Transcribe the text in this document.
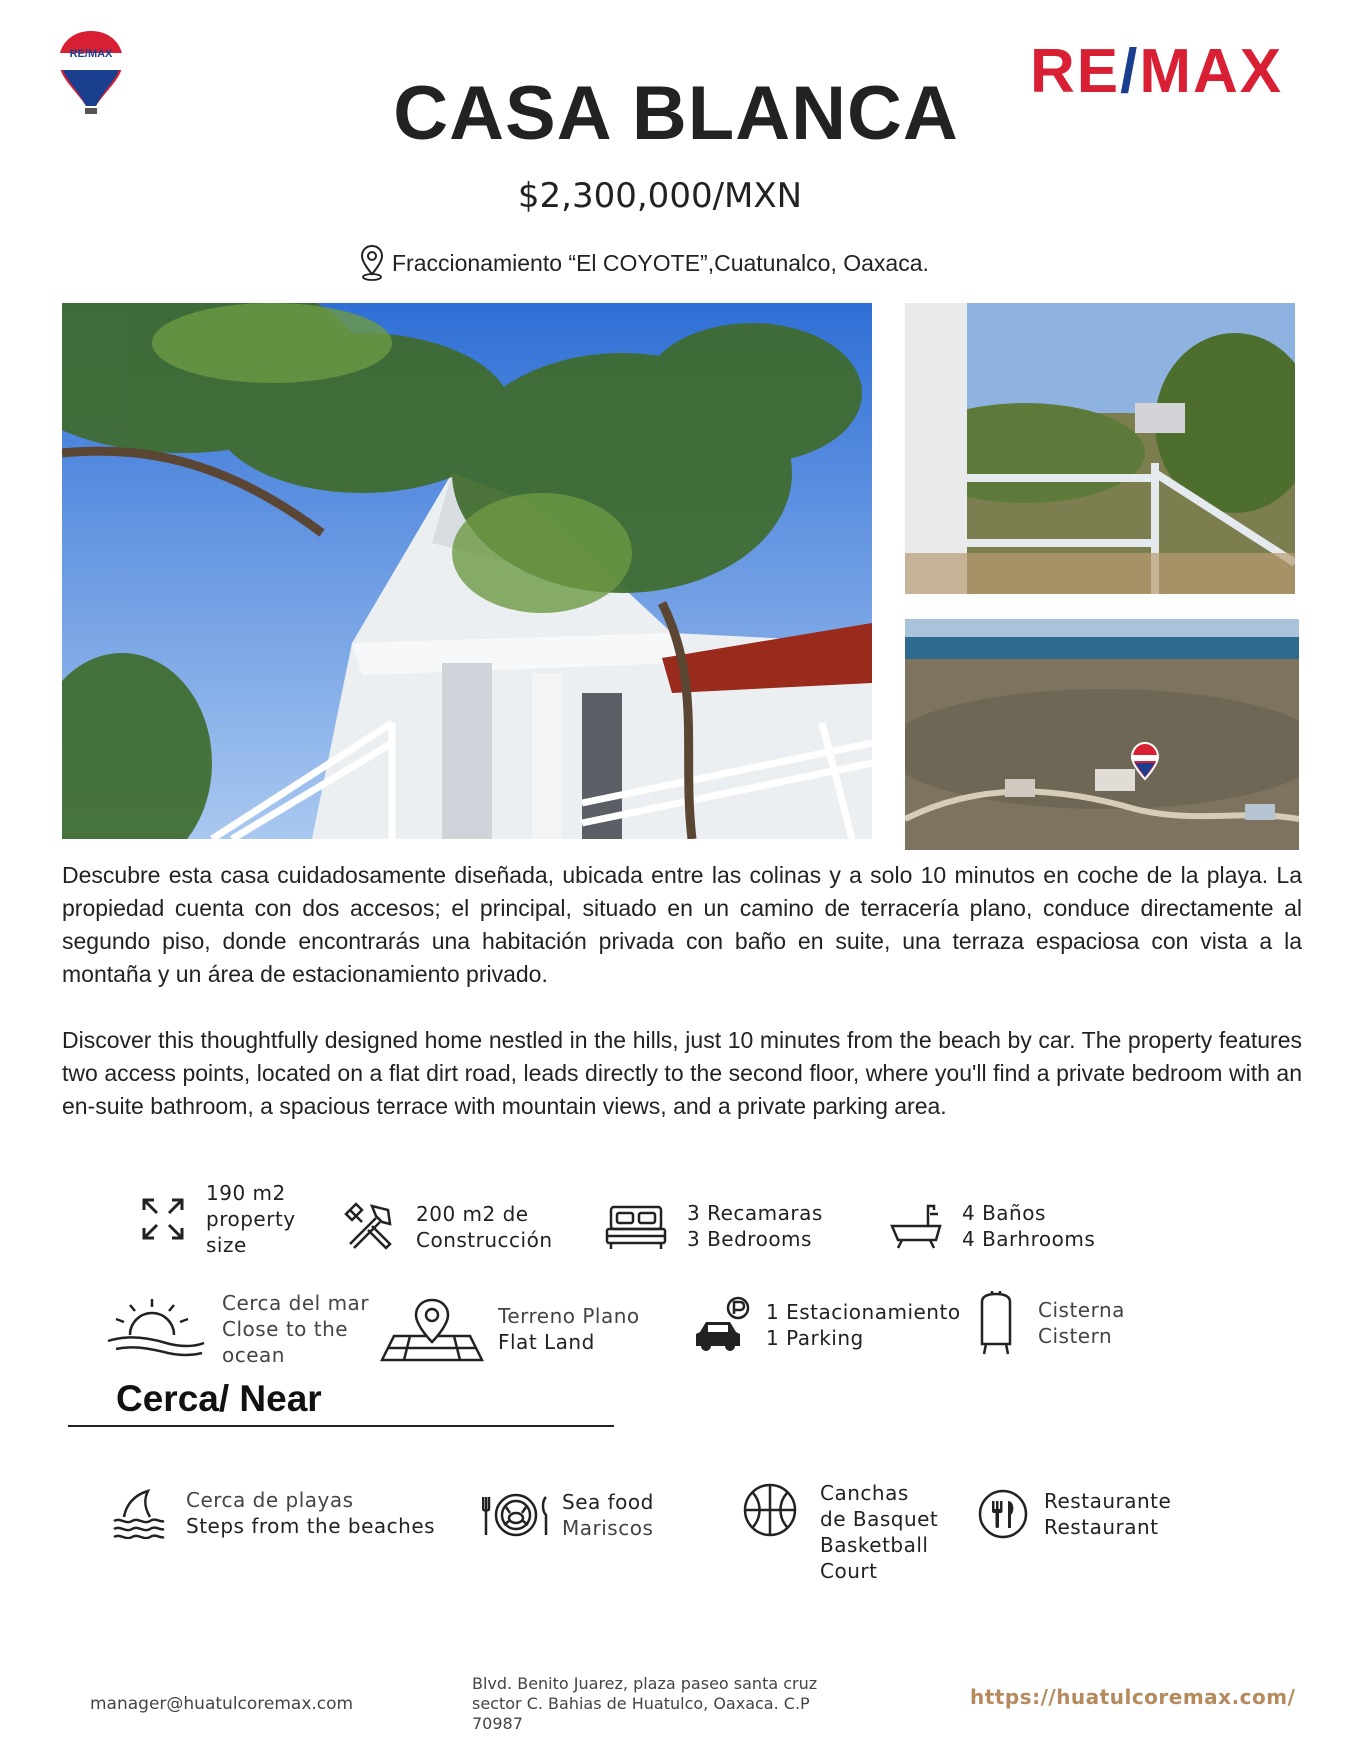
RE/MAX	RE/MAX
CASA BLANCA
$2,300,000/MXN
Fraccionamiento “El COYOTE”,Cuatunalco, Oaxaca.

Descubre esta casa cuidadosamente diseñada, ubicada entre las colinas y a solo 10 minutos en coche de la playa. La propiedad cuenta con dos accesos; el principal, situado en un camino de terracería plano, conduce directamente al segundo piso, donde encontrarás una habitación privada con baño en suite, una terraza espaciosa con vista a la montaña y un área de estacionamiento privado.

Discover this thoughtfully designed home nestled in the hills, just 10 minutes from the beach by car. The property features two access points, located on a flat dirt road, leads directly to the second floor, where you'll find a private bedroom with an en-suite bathroom, a spacious terrace with mountain views, and a private parking area.

190 m2
property
size
200 m2 de
Construcción
3 Recamaras
3 Bedrooms
4 Baños
4 Barhrooms
Cerca del mar
Close to the
ocean
Terreno Plano
Flat Land
1 Estacionamiento
1 Parking
Cisterna
Cistern
Cerca/ Near
Cerca de playas
Steps from the beaches
Sea food
Mariscos
Canchas
de Basquet
Basketball
Court
Restaurante
Restaurant
manager@huatulcoremax.com
Blvd. Benito Juarez, plaza paseo santa cruz
sector C. Bahias de Huatulco, Oaxaca. C.P
70987
https://huatulcoremax.com/
